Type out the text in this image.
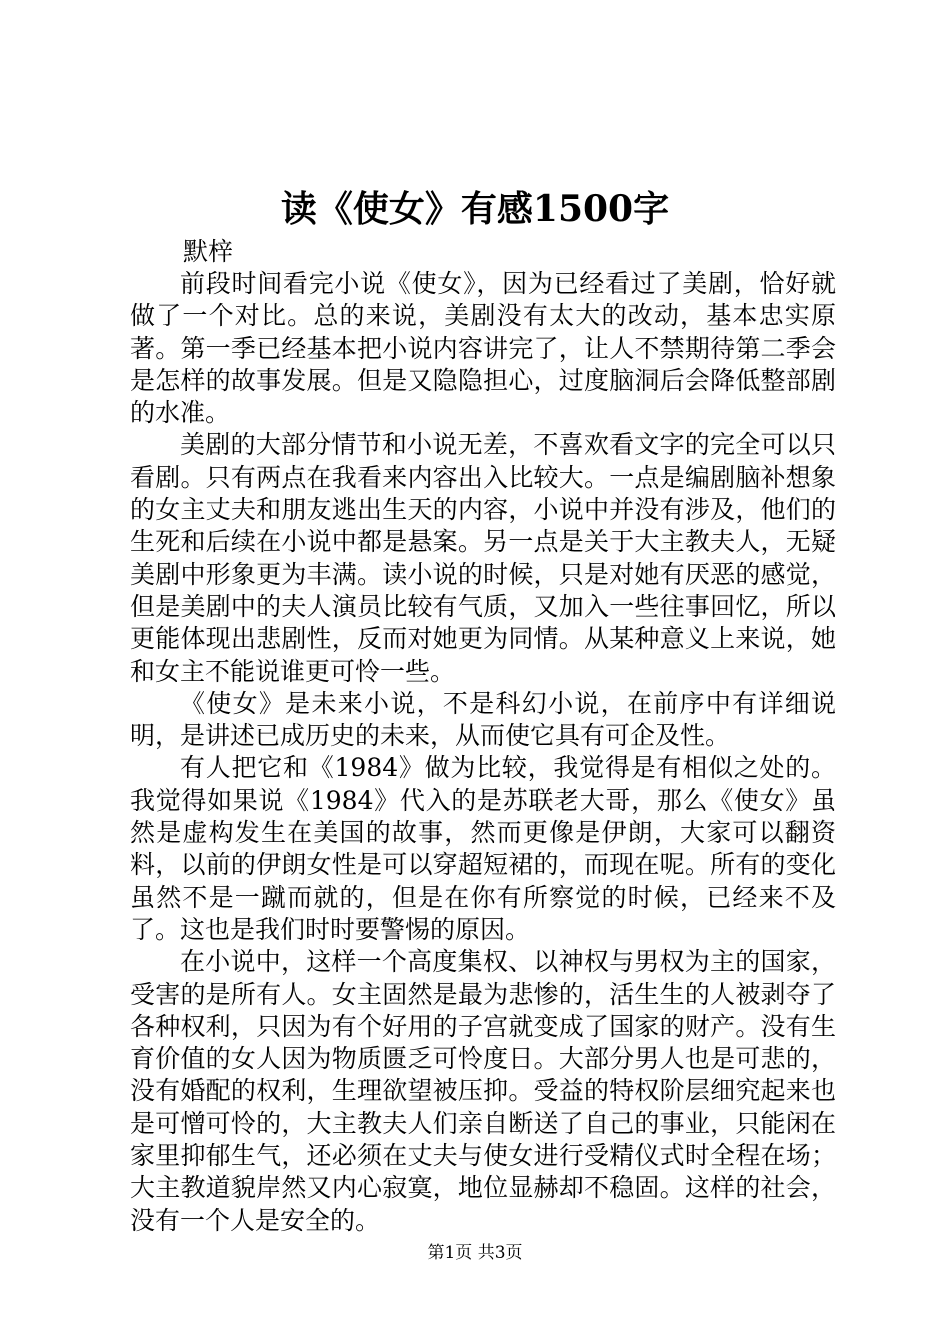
读《使女》有感1500字
默梓

前段时间看完小说《使女》，因为已经看过了美剧，恰好就做了一个对比。总的来说，美剧没有太大的改动，基本忠实原著。第一季已经基本把小说内容讲完了，让人不禁期待第二季会是怎样的故事发展。但是又隐隐担心，过度脑洞后会降低整部剧的水准。

美剧的大部分情节和小说无差，不喜欢看文字的完全可以只看剧。只有两点在我看来内容出入比较大。一点是编剧脑补想象的女主丈夫和朋友逃出生天的内容，小说中并没有涉及，他们的生死和后续在小说中都是悬案。另一点是关于大主教夫人，无疑美剧中形象更为丰满。读小说的时候，只是对她有厌恶的感觉，但是美剧中的夫人演员比较有气质，又加入一些往事回忆，所以更能体现出悲剧性，反而对她更为同情。从某种意义上来说，她和女主不能说谁更可怜一些。

《使女》是未来小说，不是科幻小说，在前序中有详细说明，是讲述已成历史的未来，从而使它具有可企及性。

有人把它和《1984》做为比较，我觉得是有相似之处的。我觉得如果说《1984》代入的是苏联老大哥，那么《使女》虽然是虚构发生在美国的故事，然而更像是伊朗，大家可以翻资料，以前的伊朗女性是可以穿超短裙的，而现在呢。所有的变化虽然不是一蹴而就的，但是在你有所察觉的时候，已经来不及了。这也是我们时时要警惕的原因。

在小说中，这样一个高度集权、以神权与男权为主的国家，受害的是所有人。女主固然是最为悲惨的，活生生的人被剥夺了各种权利，只因为有个好用的子宫就变成了国家的财产。没有生育价值的女人因为物质匮乏可怜度日。大部分男人也是可悲的，没有婚配的权利，生理欲望被压抑。受益的特权阶层细究起来也是可憎可怜的，大主教夫人们亲自断送了自己的事业，只能闲在家里抑郁生气，还必须在丈夫与使女进行受精仪式时全程在场；大主教道貌岸然又内心寂寞，地位显赫却不稳固。这样的社会，没有一个人是安全的。

第1页 共3页
